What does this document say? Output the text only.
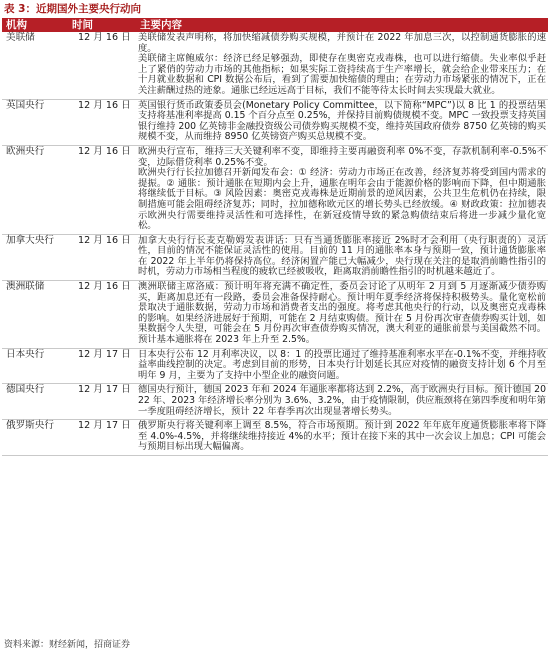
表 3：近期国外主要央行动向
机构	时间	主要内容
美联储	12 月 16 日	美联储发表声明称，将加快缩减债券购买规模，并预计在 2022 年加息三次，以控制通货膨胀的速度。
美联储主席鲍威尔：经济已经足够强劲，即使存在奥密克戎毒株，也可以进行缩债。失业率似乎赶上了紧俏的劳动力市场的其他指标；如果实际工资持续高于生产率增长，就会给企业带来压力；在十月就业数据和 CPI 数据公布后，看到了需要加快缩债的理由；在劳动力市场紧张的情况下，正在关注薪酬过热的迹象。通胀已经远远高于目标，我们不能等待太长时间去实现最大就业。

英国央行	12 月 16 日	英国银行货币政策委员会(Monetary Policy Committee，以下简称“MPC”)以 8 比 1 的投票结果支持将基准利率提高 0.15 个百分点至 0.25%，并保持目前购债规模不变。MPC 一致投票支持英国银行维持 200 亿英镑非金融投资级公司债券购买规模不变，维持英国政府债券 8750 亿英镑的购买规模不变，从而维持 8950 亿英镑资产购买总规模不变。

欧洲央行	12 月 16 日	欧洲央行宣布，维持三大关键利率不变，即维持主要再融资利率 0%不变，存款机制利率-0.5%不变，边际借贷利率 0.25%不变。
欧洲央行行长拉加德召开新闻发布会：① 经济：劳动力市场正在改善，经济复苏将受到国内需求的提振。② 通胀：预计通胀在短期内会上升，通胀在明年会由于能源价格的影响而下降，但中期通胀将继续低于目标。③ 风险因素：奥密克戎毒株是近期前景的逆风因素，公共卫生危机仍在持续，限制措施可能会阻碍经济复苏；同时，拉加德称欧元区的增长势头已经放缓。④ 财政政策：拉加德表示欧洲央行需要维持灵活性和可选择性，在新冠疫情导致的紧急购债结束后将进一步减少量化宽松。

加拿大央行	12 月 16 日	加拿大央行行长麦克勒姆发表讲话：只有当通货膨胀率接近 2%时才会利用（央行职责的）灵活性，目前的情况不能保证灵活性的使用。目前的 11 月的通胀率本身与预期一致，预计通货膨胀率在 2022 年上半年仍将保持高位。经济闲置产能已大幅减少，央行现在关注的是取消前瞻性指引的时机，劳动力市场相当程度的疲软已经被吸收，距离取消前瞻性指引的时机越来越近了。

澳洲联储	12 月 16 日	澳洲联储主席洛威：预计明年将充满不确定性，委员会讨论了从明年 2 月到 5 月逐渐减少债券购买，距离加息还有一段路，委员会准备保持耐心。预计明年夏季经济将保持积极势头。量化宽松前景取决于通胀数据，劳动力市场和消费者支出的强度。将考虑其他央行的行动，以及奥密克戎毒株的影响。如果经济进展好于预期，可能在 2 月结束购债。预计在 5 月份再次审查债券购买计划，如果数据令人失望，可能会在 5 月份再次审查债券购买情况，澳大利亚的通胀前景与美国截然不同。预计基本通胀将在 2023 年上升至 2.5%。

日本央行	12 月 17 日	日本央行公布 12 月利率决议，以 8：1 的投票比通过了维持基准利率水平在-0.1%不变，并维持收益率曲线控制的决定。考虑到目前的形势，日本央行计划延长其应对疫情的融资支持计划 6 个月至明年 9 月，主要为了支持中小型企业的融资问题。

德国央行	12 月 17 日	德国央行预计，德国 2023 年和 2024 年通胀率都将达到 2.2%，高于欧洲央行目标。预计德国 2022 年、2023 年经济增长率分别为 3.6%、3.2%，由于疫情限制，供应瓶颈将在第四季度和明年第一季度阻碍经济增长，预计 22 年春季再次出现显著增长势头。

俄罗斯央行	12 月 17 日	俄罗斯央行将关键利率上调至 8.5%，符合市场预期。预计到 2022 年年底年度通货膨胀率将下降至 4.0%-4.5%，并将继续维持接近 4%的水平；预计在接下来的其中一次会议上加息；CPI 可能会与预期目标出现大幅偏离。
资料来源：财经新闻，招商证券
